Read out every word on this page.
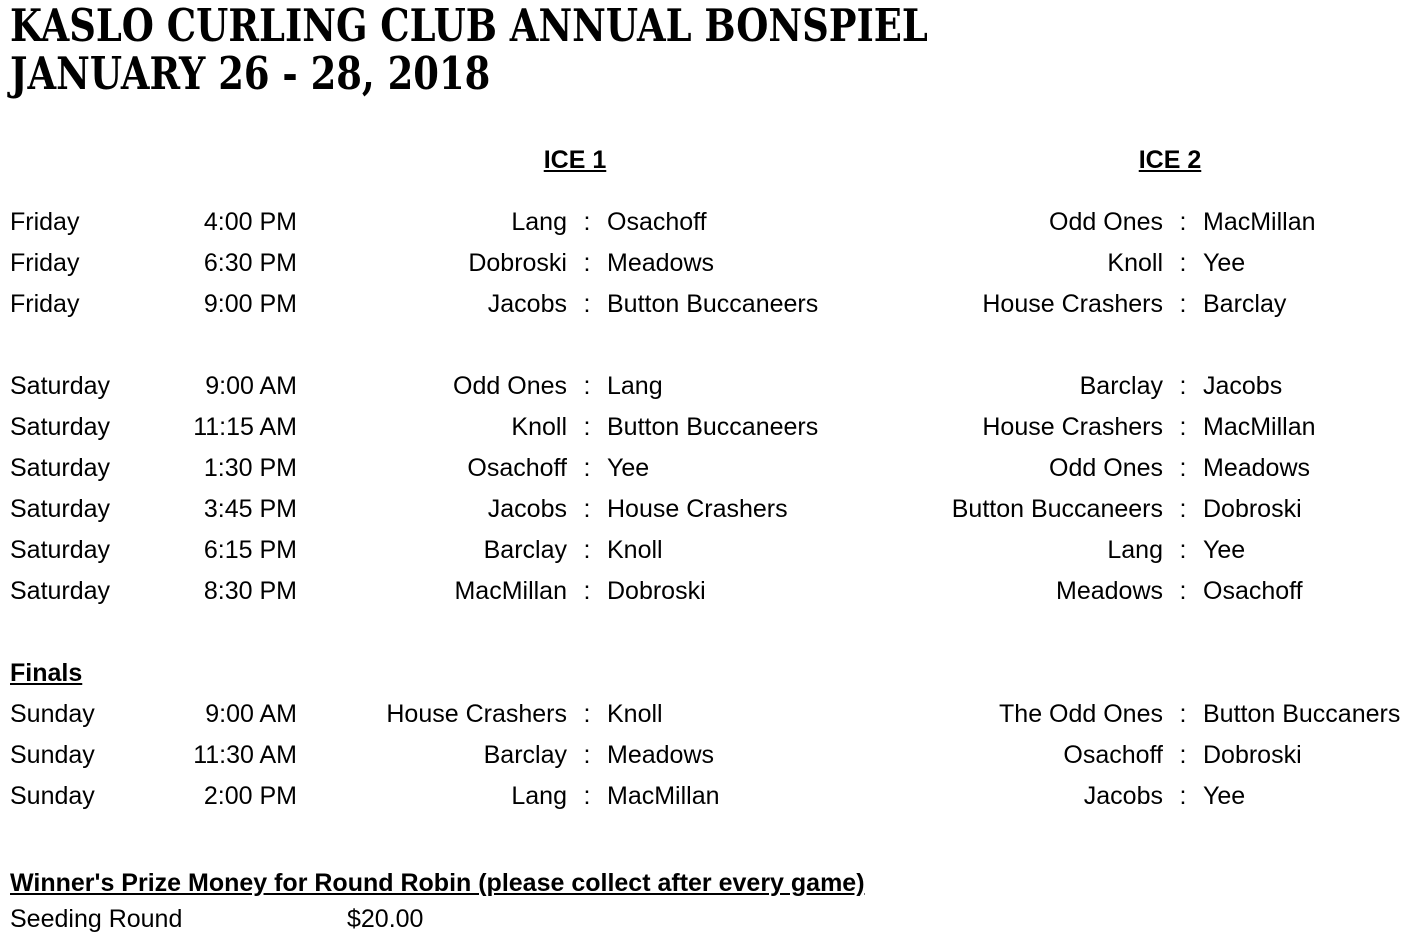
KASLO CURLING CLUB ANNUAL BONSPIEL
JANUARY 26 - 28, 2018
ICE 1	ICE 2
Friday	4:00 PM	Lang : Osachoff	Odd Ones : MacMillan
Friday	6:30 PM	Dobroski : Meadows	Knoll : Yee
Friday	9:00 PM	Jacobs : Button Buccaneers	House Crashers : Barclay
Saturday	9:00 AM	Odd Ones : Lang	Barclay : Jacobs
Saturday	11:15 AM	Knoll : Button Buccaneers	House Crashers : MacMillan
Saturday	1:30 PM	Osachoff : Yee	Odd Ones : Meadows
Saturday	3:45 PM	Jacobs : House Crashers	Button Buccaneers : Dobroski
Saturday	6:15 PM	Barclay : Knoll	Lang : Yee
Saturday	8:30 PM	MacMillan : Dobroski	Meadows : Osachoff
Finals
Sunday	9:00 AM	House Crashers : Knoll	The Odd Ones : Button Buccaners
Sunday	11:30 AM	Barclay : Meadows	Osachoff : Dobroski
Sunday	2:00 PM	Lang : MacMillan	Jacobs : Yee
Winner's Prize Money for Round Robin (please collect after every game)
Seeding Round	$20.00
